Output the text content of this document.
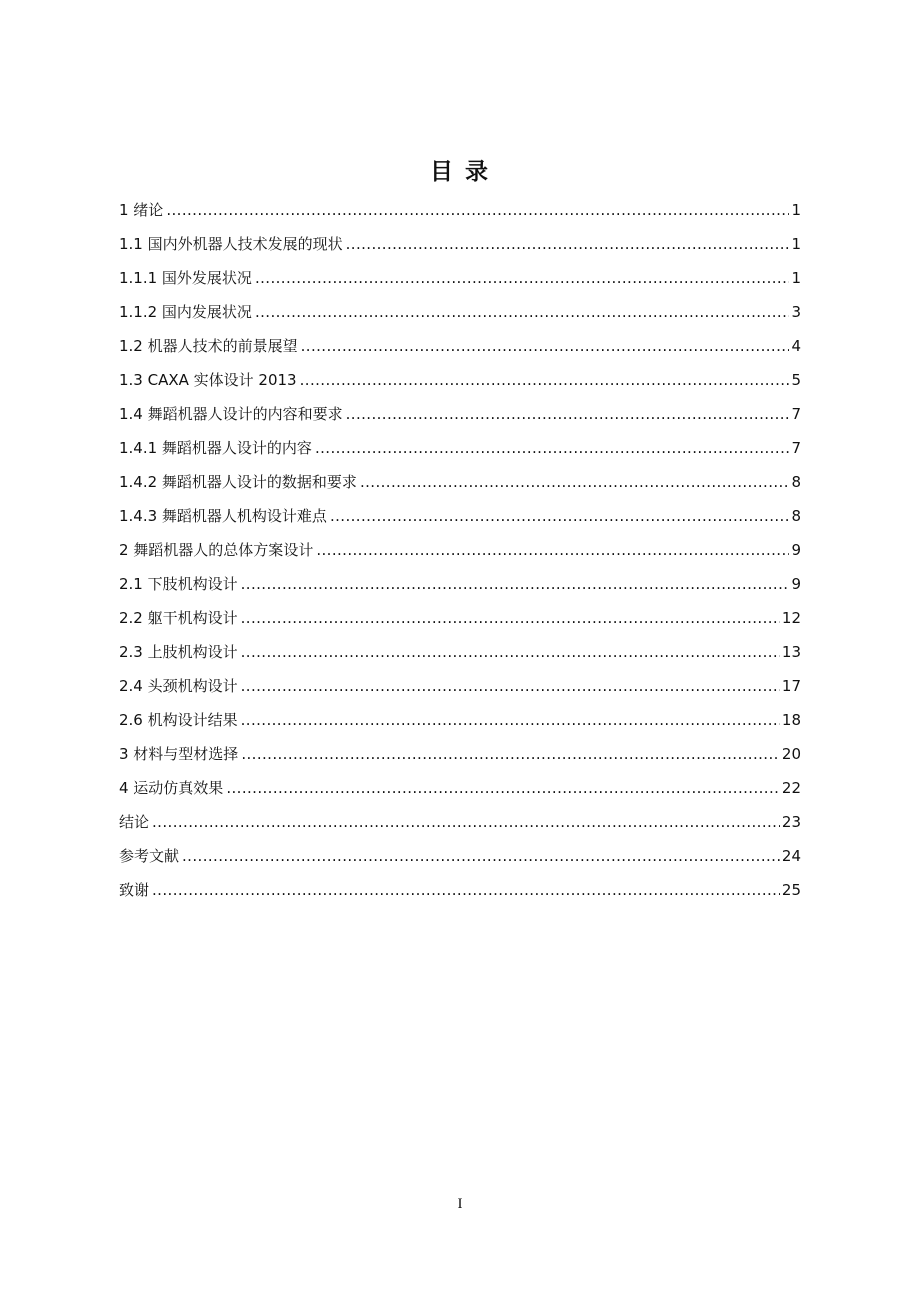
目 录
1 绪论 .....	1
1.1 国内外机器人技术发展的现状 .....	1
1.1.1 国外发展状况 .....	1
1.1.2 国内发展状况 .....	3
1.2 机器人技术的前景展望 .....	4
1.3 CAXA 实体设计 2013 .....	5
1.4 舞蹈机器人设计的内容和要求 .....	7
1.4.1 舞蹈机器人设计的内容 .....	7
1.4.2 舞蹈机器人设计的数据和要求 .....	8
1.4.3 舞蹈机器人机构设计难点 .....	8
2 舞蹈机器人的总体方案设计 .....	9
2.1 下肢机构设计 .....	9
2.2 躯干机构设计 .....	12
2.3 上肢机构设计 .....	13
2.4 头颈机构设计 .....	17
2.6 机构设计结果 .....	18
3 材料与型材选择 .....	20
4 运动仿真效果 .....	22
结论 .....	23
参考文献 .....	24
致谢 .....	25
I
